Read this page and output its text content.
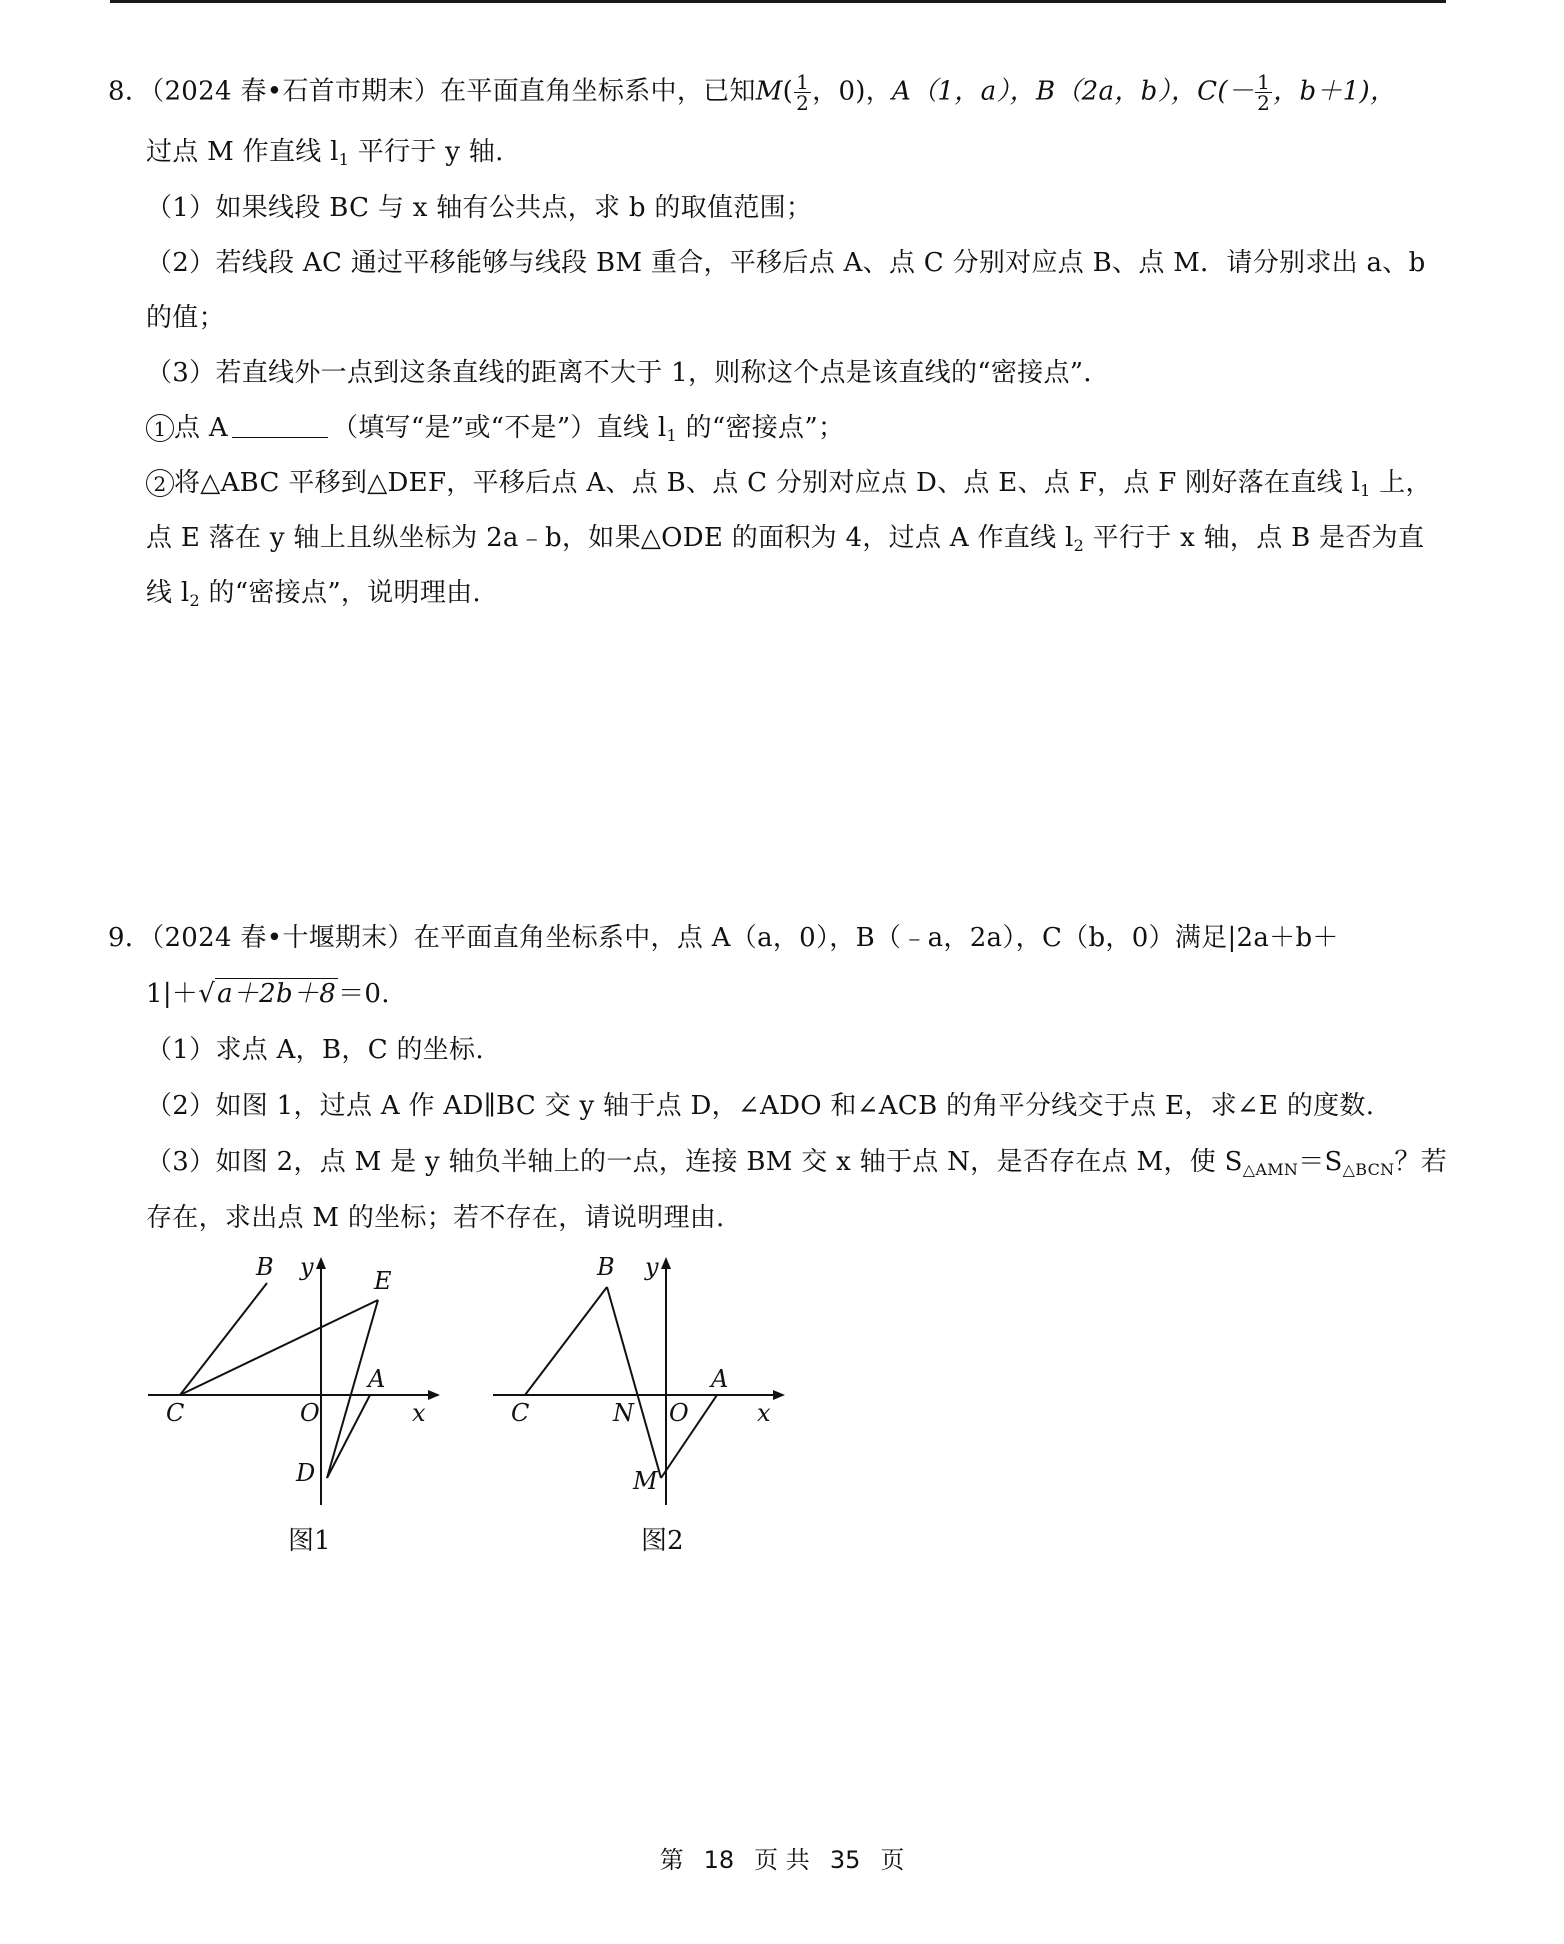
8．（2024 春•石首市期末）在平面直角坐标系中，已知$M( \frac{1}{2}$ ，0)，A（1，a），B（2a，b），$C(- \frac{1}{2}$ ，b＋1)，
过点 M 作直线 $l_1$ 平行于 y 轴.
（1）如果线段 BC 与 x 轴有公共点，求 b 的取值范围；
（2）若线段 AC 通过平移能够与线段 BM 重合，平移后点 A、点 C 分别对应点 B、点 M．请分别求出 a、b
的值；
（3）若直线外一点到这条直线的距离不大于 1，则称这个点是该直线的“密接点”．
1 点 A	（填写“是”或“不是”）直线 $l_1$ 的“密接点”；
2 将△ABC 平移到△DEF，平移后点 A、点 B、点 C 分别对应点 D、点 E、点 F，点 F 刚好落在直线 $l_1$ 上，
点 E 落在 y 轴上且纵坐标为 2a﹣b，如果△ODE 的面积为 4，过点 A 作直线 $l_2$ 平行于 x 轴，点 B 是否为直
线 $l_2$ 的“密接点”，说明理由.
9．（2024 春•十堰期末）在平面直角坐标系中，点 A（a，0），B（﹣a，2a），C（b，0）满足|2a＋b＋
1|＋√a＋2b＋8＝0.
（1）求点 A，B，C 的坐标.
（2）如图 1，过点 A 作 AD∥BC 交 y 轴于点 D，∠ADO 和∠ACB 的角平分线交于点 E，求∠E 的度数.
（3）如图 2，点 M 是 y 轴负半轴上的一点，连接 BM 交 x 轴于点 N，是否存在点 M，使 $S_{\triangle AMN}=S_{\triangle BCN}$？若
存在，求出点 M 的坐标；若不存在，请说明理由.
B y	E
A
C	O	x
D
图1
B y
A
C	N O	x
M
图2
第 18 页 共 35 页
